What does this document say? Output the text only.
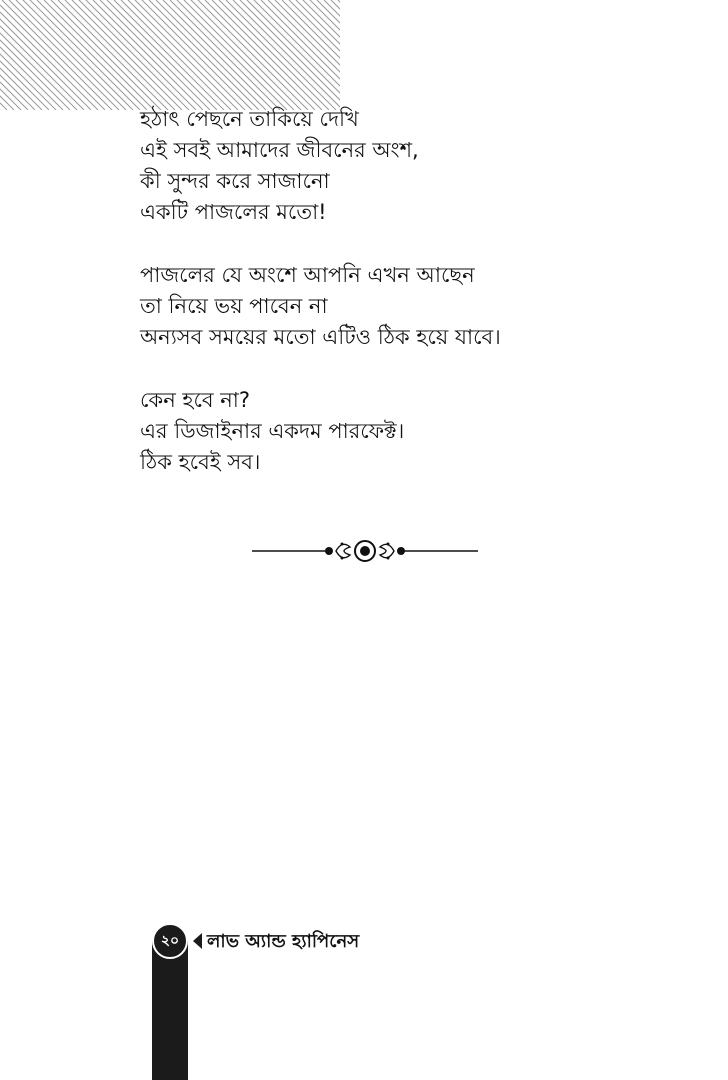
হঠাৎ পেছনে তাকিয়ে দেখি
এই সবই আমাদের জীবনের অংশ,
কী সুন্দর করে সাজানো
একটি পাজলের মতো!
পাজলের যে অংশে আপনি এখন আছেন
তা নিয়ে ভয় পাবেন না
অন্যসব সময়ের মতো এটিও ঠিক হয়ে যাবে।
কেন হবে না?
এর ডিজাইনার একদম পারফেক্ট।
ঠিক হবেই সব।
২০	লাভ অ্যান্ড হ্যাপিনেস
